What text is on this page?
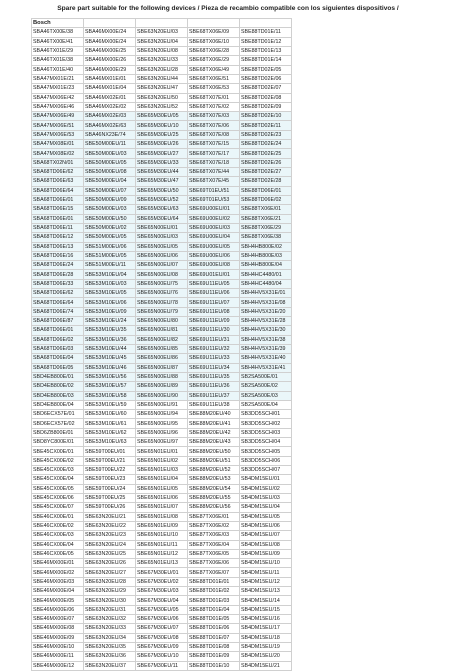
Spare part suitable for the following devices / Pieza de recambio compatible con los siguientes dispositivos /
Bosch				
SBA46TX00E/38	SBA46MX00E/24	SBE63N20EU/03	SBE68TX06E/09	SBE88TD01E/11
SBA46TX00E/41	SBA46MX00E/24	SBE63N20EU/04	SBE68TX06E/10	SBE88TD01E/12
SBA46TX01E/29	SBA46MX00E/25	SBE63N20EU/08	SBE68TX06E/28	SBE88TD01E/13
SBA46TX01E/38	SBA46MX00E/26	SBE63N20EU/33	SBE68TX06E/29	SBE88TD01E/14
SBA46TX01E/40	SBA46MX00E/29	SBE63N20EU/28	SBE68TX06E/49	SBE88TD02E/05
SBA47MX01E/21	SBA46MX01E/01	SBE63N20EU/44	SBE68TX06E/51	SBE88TD02E/06
SBA47MX01E/23	SBA46MX01E/04	SBE63N20EU/47	SBE68TX06E/53	SBE88TD02E/07
SBA47MX06E/42	SBA46MX02E/01	SBE63N20EU/50	SBE68TX07E/01	SBE88TD02E/08
SBA47MX06E/46	SBA46MX02E/02	SBE63N20EU/52	SBE68TX07E/02	SBE88TD02E/09
SBA47MX06E/49	SBA46MX02E/03	SBE65M30EU/05	SBE68TX07E/03	SBE88TD02E/10
SBA47MX06E/51	SBA46MX02E/63	SBE65M30EU/10	SBE68TX07E/06	SBE88TD02E/11
SBA47MX06E/53	SBA46NX23E/74	SBE65M30EU/25	SBE68TX07E/08	SBE88TD02E/23
SBA47MX08E/01	SBE50M00EU/11	SBE65M30EU/26	SBE68TX07E/15	SBE88TD02E/24
SBA47MX08E/02	SBE50M00EU/03	SBE65M30EU/27	SBE68TX07E/17	SBE88TD02E/25
SBA68TX02N/01	SBE50M00EU/05	SBE65M30EU/33	SBE68TX07E/18	SBE88TD02E/26
SBA68TD06E/62	SBE50M00EU/08	SBE65M30EU/44	SBE68TX07E/44	SBE88TD02E/27
SBA68TD06E/63	SBE50M00EU/04	SBE65M30EU/47	SBE68TX07E/45	SBE88TD02E/28
SBA68TD06E/64	SBE50M00EU/07	SBE65M30EU/50	SBE69T01EU/51	SBE88TD06E/01
SBA68TD06E/01	SBE50M00EU/09	SBE65M30EU/52	SBE69T01EU/53	SBE88TD06E/02
SBA68TD06E/15	SBE50M00EU/03	SBE65M30EU/63	SBE69U00EU/01	SBE88TX06E/01
SBA68TD06E/01	SBE50M00EU/50	SBE65M30EU/64	SBE69U00EU/02	SBE88TX06E/21
SBA68TD06E/11	SBE50M00EU/02	SBE65N00EU/01	SBE69U00EU/03	SBE88TX06E/29
SBA68TD06E/12	SBE50M00EU/05	SBE65N00EU/03	SBE69U00EU/04	SBE88TX06E/38
SBA68TD06E/13	SBE51M00EU/06	SBE65N00EU/05	SBE69U00EU/05	SBH4HB800E/02
SBA68TD06E/16	SBE51M00EU/05	SBE65N00EU/06	SBE69U00EU/06	SBH4HB800E/03
SBA68TD06E/24	SBE51M00EU/11	SBE65N00EU/07	SBE69U00EU/08	SBH4HB800E/04
SBA68TD06E/28	SBE53M10EU/04	SBE65N00EU/08	SBE69U01EU/01	SBH4HC4480/01
SBA68TD06E/33	SBE53M10EU/03	SBE65N00EU/75	SBE69U11EU/05	SBH4HC4480/04
SBA68TD06E/62	SBE53M10EU/05	SBE65N00EU/76	SBE69U11EU/06	SBH4HV5X31E/01
SBA68TD06E/64	SBE53M10EU/06	SBE65N00EU/78	SBE69U11EU/07	SBH4HV5X31E/08
SBA68TD06E/74	SBE53M10EU/09	SBE65N00EU/79	SBE69U11EU/08	SBH4HV5X31E/20
SBA68TD06E/87	SBE53M10EU/24	SBE65N00EU/80	SBE69U11EU/09	SBH4HV5X31E/28
SBA68TD06E/01	SBE53M10EU/35	SBE65N00EU/81	SBE69U11EU/30	SBH4HV5X31E/30
SBA68TD06E/02	SBE53M10EU/36	SBE65N00EU/82	SBE69U11EU/31	SBH4HV5X31E/38
SBA68TD06E/03	SBE53M10EU/44	SBE65N00EU/85	SBE69U11EU/32	SBH4HV5X31E/39
SBA68TD06E/04	SBE53M10EU/45	SBE65N00EU/86	SBE69U11EU/33	SBH4HV5X31E/40
SBA68TD06E/05	SBE53M10EU/46	SBE65N00EU/87	SBE69U11EU/34	SBH4HV5X31E/41
SBD4EB800E/01	SBE53M10EU/56	SBE65N00EU/88	SBE69U11EU/35	SB2SA500E/01
SBD4EB800E/02	SBE53M10EU/57	SBE65N00EU/89	SBE69U11EU/36	SB2SA500E/02
SBD4EB800E/03	SBE53M10EU/58	SBE65N00EU/90	SBE69U11EU/37	SB2SA500E/03
SBD4EB800E/04	SBE53M10EU/59	SBE65N00EU/91	SBE69U11EU/38	SB2SA500E/04
SBD6ECX57E/01	SBE53M10EU/60	SBE65N00EU/94	SBE88M20EU/40	SB3DD5SCH/01
SBD6ECX57E/02	SBE53M10EU/61	SBE65N00EU/95	SBE88M20EU/41	SB3DD5SCH/02
SBD6ZB800E/01	SBE53M10EU/62	SBE65N00EU/96	SBE88M20EU/42	SB3DD5SCH/03
SBD8YC800E/01	SBE53M10EU/63	SBE65N00EU/97	SBE88M20EU/43	SB3DD5SCH/04
SBE45CX00E/01	SBE59T00EU/01	SBE65N01EU/01	SBE88M20EU/50	SB3DD5SCH/05
SBE45CX00E/02	SBE59T00EU/21	SBE65N01EU/02	SBE88M20EU/51	SB3DD5SCH/06
SBE45CX00E/03	SBE59T00EU/22	SBE65N01EU/03	SBE88M20EU/52	SB3DD5SCH/07
SBE45CX00E/04	SBE59T00EU/23	SBE65N01EU/04	SBE88M20EU/53	SB4DM15EU/01
SBE45CX00E/05	SBE59T00EU/24	SBE65N01EU/05	SBE88M20EU/54	SB4DM15EU/02
SBE45CX00E/06	SBE59T00EU/25	SBE65N01EU/06	SBE88M20EU/55	SB4DM15EU/03
SBE45CX00E/07	SBE59T00EU/26	SBE65N01EU/07	SBE88M20EU/56	SB4DM15EU/04
SBE46CX00E/01	SBE63N20EU/21	SBE65N01EU/08	SBE87TX06E/01	SB4DM15EU/05
SBE46CX00E/02	SBE63N20EU/22	SBE65N01EU/09	SBE87TX06E/02	SB4DM15EU/06
SBE46CX00E/03	SBE63N20EU/23	SBE65N01EU/10	SBE87TX06E/03	SB4DM15EU/07
SBE46CX00E/04	SBE63N20EU/24	SBE65N01EU/11	SBE87TX06E/04	SB4DM15EU/08
SBE46CX00E/05	SBE63N20EU/25	SBE65N01EU/12	SBE87TX06E/05	SB4DM15EU/09
SBE46MX00E/01	SBE63N20EU/26	SBE65N01EU/13	SBE87TX06E/06	SB4DM15EU/10
SBE46MX00E/02	SBE63N20EU/27	SBE67M30EU/01	SBE87TX06E/07	SB4DM15EU/11
SBE46MX00E/03	SBE63N20EU/28	SBE67M30EU/02	SBE88TD01E/01	SB4DM15EU/12
SBE46MX00E/04	SBE63N20EU/29	SBE67M30EU/03	SBE88TD01E/02	SB4DM15EU/13
SBE46MX00E/05	SBE63N20EU/30	SBE67M30EU/04	SBE88TD01E/03	SB4DM15EU/14
SBE46MX00E/06	SBE63N20EU/31	SBE67M30EU/05	SBE88TD01E/04	SB4DM15EU/15
SBE46MX00E/07	SBE63N20EU/32	SBE67M30EU/06	SBE88TD01E/05	SB4DM15EU/16
SBE46MX00E/08	SBE63N20EU/33	SBE67M30EU/07	SBE88TD01E/06	SB4DM15EU/17
SBE46MX00E/09	SBE63N20EU/34	SBE67M30EU/08	SBE88TD01E/07	SB4DM15EU/18
SBE46MX00E/10	SBE63N20EU/35	SBE67M30EU/09	SBE88TD01E/08	SB4DM15EU/19
SBE46MX00E/11	SBE63N20EU/36	SBE67M30EU/10	SBE88TD01E/09	SB4DM15EU/20
SBE46MX00E/12	SBE63N20EU/37	SBE67M30EU/11	SBE88TD01E/10	SB4DM15EU/21
